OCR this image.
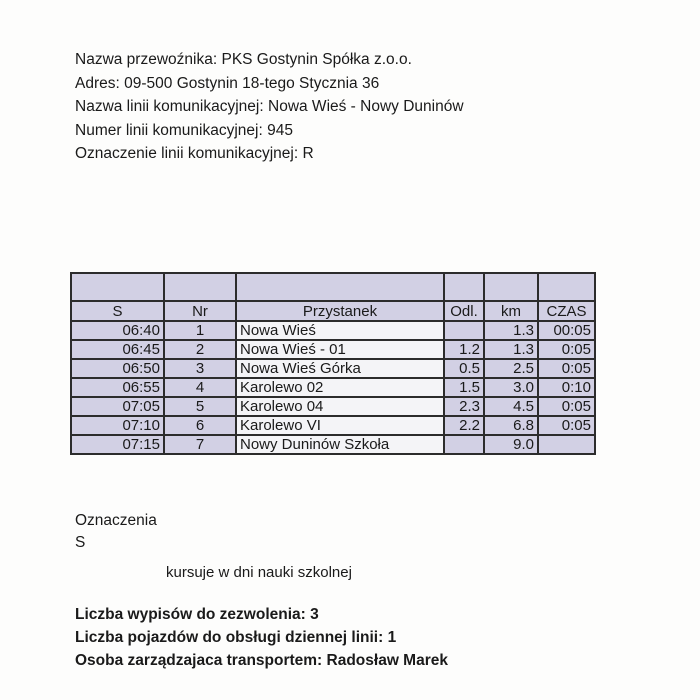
Nazwa przewoźnika: PKS Gostynin Spółka z.o.o.
Adres: 09-500 Gostynin 18-tego Stycznia 36
Nazwa linii komunikacyjnej: Nowa Wieś - Nowy Duninów
Numer linii komunikacyjnej: 945
Oznaczenie linii komunikacyjnej: R

S	Nr	Przystanek	Odl.	km	CZAS
06:40	1	Nowa Wieś		1.3	00:05
06:45	2	Nowa Wieś - 01	1.2	1.3	0:05
06:50	3	Nowa Wieś Górka	0.5	2.5	0:05
06:55	4	Karolewo 02	1.5	3.0	0:10
07:05	5	Karolewo 04	2.3	4.5	0:05
07:10	6	Karolewo VI	2.2	6.8	0:05
07:15	7	Nowy Duninów Szkoła		9.0	
Oznaczenia
S
kursuje w dni nauki szkolnej
Liczba wypisów do zezwolenia: 3
Liczba pojazdów do obsługi dziennej linii: 1
Osoba zarządzajaca transportem: Radosław Marek
